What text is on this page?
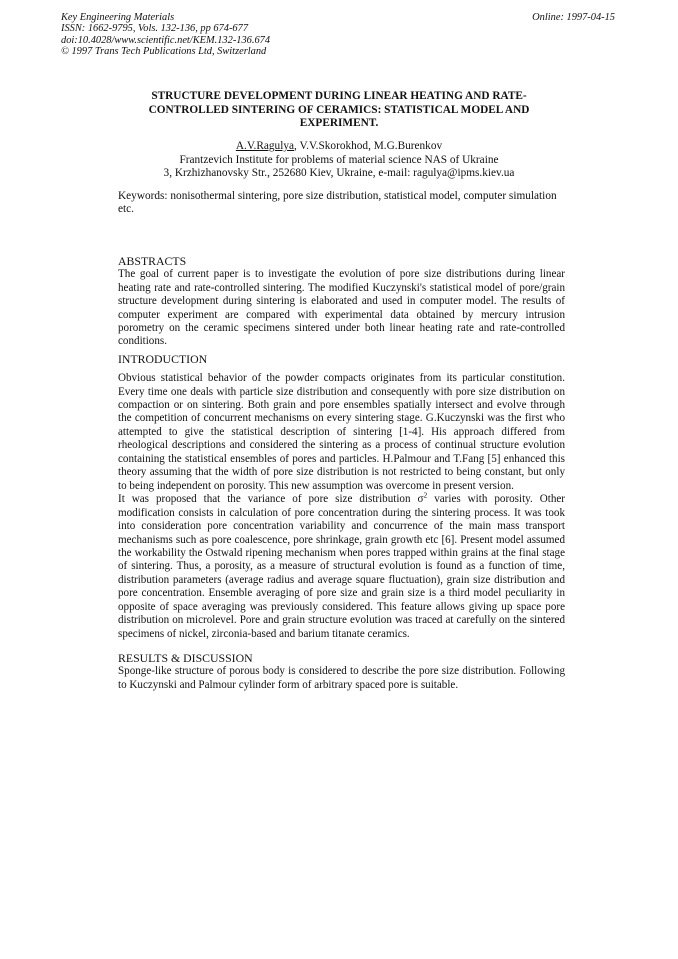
Key Engineering Materials
ISSN: 1662-9795, Vols. 132-136, pp 674-677
doi:10.4028/www.scientific.net/KEM.132-136.674
© 1997 Trans Tech Publications Ltd, Switzerland
Online: 1997-04-15
STRUCTURE DEVELOPMENT DURING LINEAR HEATING AND RATE-CONTROLLED SINTERING OF CERAMICS: STATISTICAL MODEL AND EXPERIMENT.
A.V.Ragulya, V.V.Skorokhod, M.G.Burenkov
Frantzevich Institute for problems of material science NAS of Ukraine
3, Krzhizhanovsky Str., 252680 Kiev, Ukraine, e-mail: ragulya@ipms.kiev.ua
Keywords: nonisothermal sintering, pore size distribution, statistical model, computer simulation etc.
ABSTRACTS

The goal of current paper is to investigate the evolution of pore size distributions during linear heating rate and rate-controlled sintering. The modified Kuczynski's statistical model of pore/grain structure development during sintering is elaborated and used in computer model. The results of computer experiment are compared with experimental data obtained by mercury intrusion porometry on the ceramic specimens sintered under both linear heating rate and rate-controlled conditions.

INTRODUCTION

Obvious statistical behavior of the powder compacts originates from its particular constitution. Every time one deals with particle size distribution and consequently with pore size distribution on compaction or on sintering. Both grain and pore ensembles spatially intersect and evolve through the competition of concurrent mechanisms on every sintering stage. G.Kuczynski was the first who attempted to give the statistical description of sintering [1-4]. His approach differed from rheological descriptions and considered the sintering as a process of continual structure evolution containing the statistical ensembles of pores and particles. H.Palmour and T.Fang [5] enhanced this theory assuming that the width of pore size distribution is not restricted to being constant, but only to being independent on porosity. This new assumption was overcome in present version.

It was proposed that the variance of pore size distribution $\sigma^2$ varies with porosity. Other modification consists in calculation of pore concentration during the sintering process. It was took into consideration pore concentration variability and concurrence of the main mass transport mechanisms such as pore coalescence, pore shrinkage, grain growth etc [6]. Present model assumed the workability the Ostwald ripening mechanism when pores trapped within grains at the final stage of sintering. Thus, a porosity, as a measure of structural evolution is found as a function of time, distribution parameters (average radius and average square fluctuation), grain size distribution and pore concentration. Ensemble averaging of pore size and grain size is a third model peculiarity in opposite of space averaging was previously considered. This feature allows giving up space pore distribution on microlevel. Pore and grain structure evolution was traced at carefully on the sintered specimens of nickel, zirconia-based and barium titanate ceramics.

RESULTS & DISCUSSION

Sponge-like structure of porous body is considered to describe the pore size distribution. Following to Kuczynski and Palmour cylinder form of arbitrary spaced pore is suitable.
